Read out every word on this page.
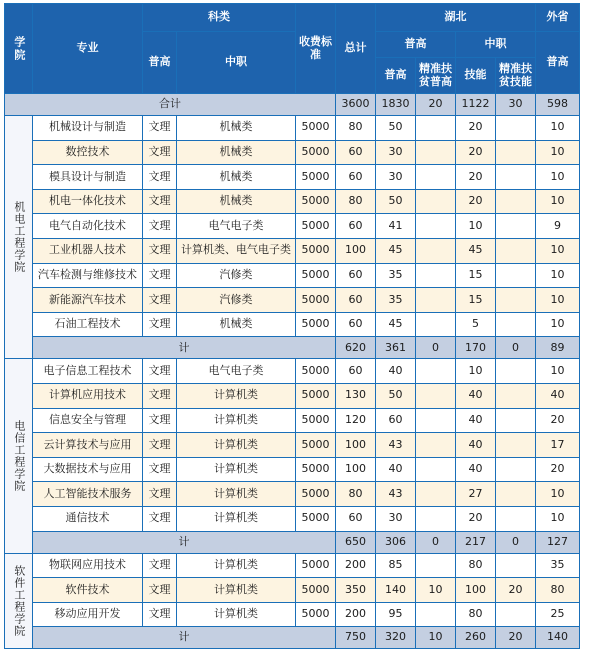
学院	专业	科类		收费标准	总计	湖北				外省
		普高	中职			普高		中职		普高
						普高	精准扶贫普高	技能	精准扶贫技能	
合计					3600	1830	20	1122	30	598
机电工程学院	机械设计与制造	文理	机械类	5000	80	50		20		10
	数控技术	文理	机械类	5000	60	30		20		10
	模具设计与制造	文理	机械类	5000	60	30		20		10
	机电一体化技术	文理	机械类	5000	80	50		20		10
	电气自动化技术	文理	电气电子类	5000	60	41		10		9
	工业机器人技术	文理	计算机类、电气电子类	5000	100	45		45		10
	汽车检测与维修技术	文理	汽修类	5000	60	35		15		10
	新能源汽车技术	文理	汽修类	5000	60	35		15		10
	石油工程技术	文理	机械类	5000	60	45		5		10
	计				620	361	0	170	0	89
电信工程学院	电子信息工程技术	文理	电气电子类	5000	60	40		10		10
	计算机应用技术	文理	计算机类	5000	130	50		40		40
	信息安全与管理	文理	计算机类	5000	120	60		40		20
	云计算技术与应用	文理	计算机类	5000	100	43		40		17
	大数据技术与应用	文理	计算机类	5000	100	40		40		20
	人工智能技术服务	文理	计算机类	5000	80	43		27		10
	通信技术	文理	计算机类	5000	60	30		20		10
	计				650	306	0	217	0	127
软件工程学院	物联网应用技术	文理	计算机类	5000	200	85		80		35
	软件技术	文理	计算机类	5000	350	140	10	100	20	80
	移动应用开发	文理	计算机类	5000	200	95		80		25
	计				750	320	10	260	20	140
